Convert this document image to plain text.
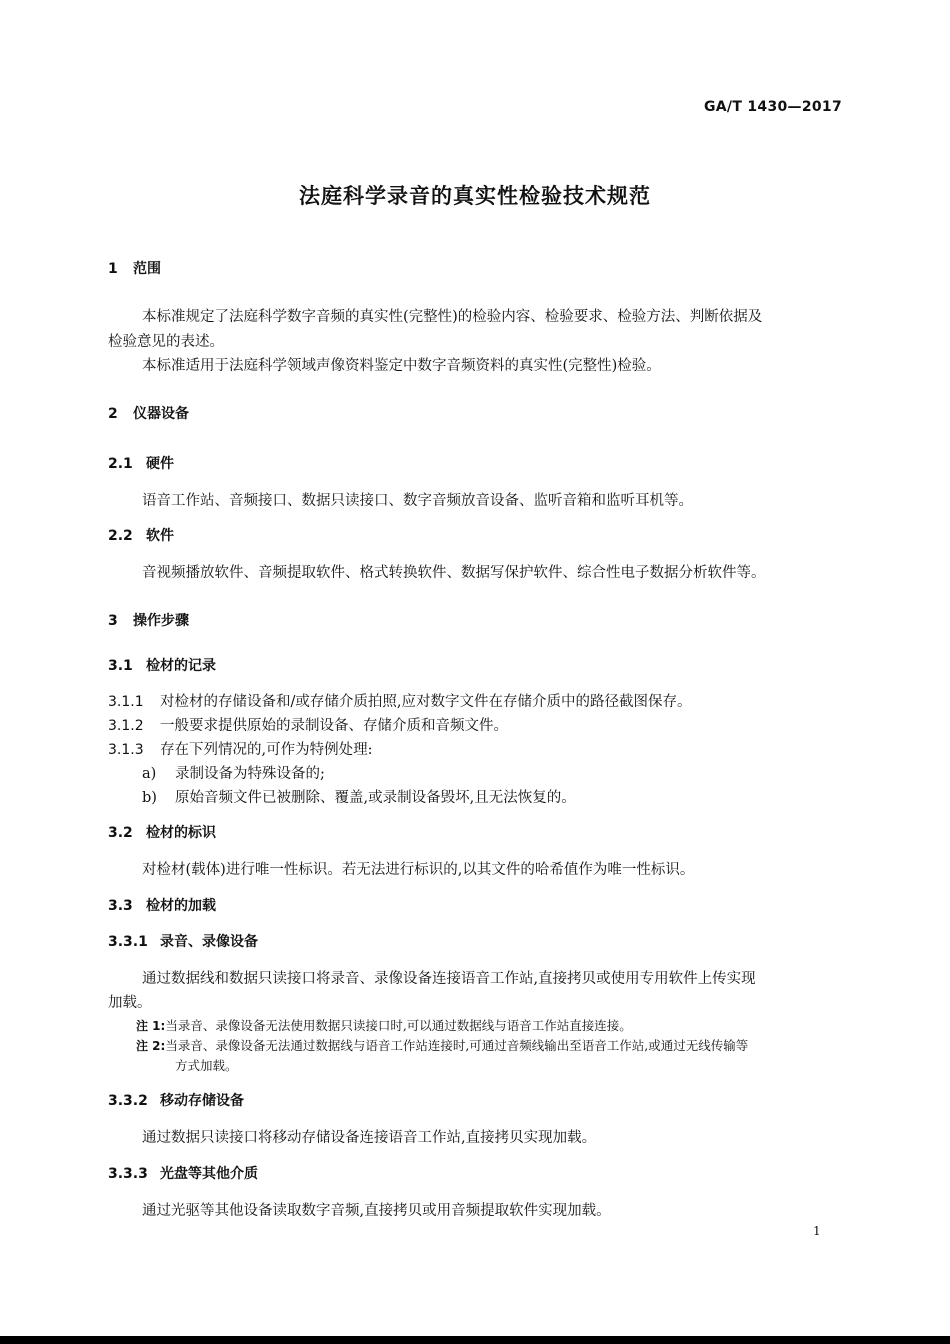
GA/T 1430—2017
法庭科学录音的真实性检验技术规范
1 范围
本标准规定了法庭科学数字音频的真实性(完整性)的检验内容、检验要求、检验方法、判断依据及
检验意见的表述。
本标准适用于法庭科学领域声像资料鉴定中数字音频资料的真实性(完整性)检验。
2 仪器设备
2.1 硬件
语音工作站、音频接口、数据只读接口、数字音频放音设备、监听音箱和监听耳机等。
2.2 软件
音视频播放软件、音频提取软件、格式转换软件、数据写保护软件、综合性电子数据分析软件等。
3 操作步骤
3.1 检材的记录
3.1.1 对检材的存储设备和/或存储介质拍照,应对数字文件在存储介质中的路径截图保存。
3.1.2 一般要求提供原始的录制设备、存储介质和音频文件。
3.1.3 存在下列情况的,可作为特例处理:
a) 录制设备为特殊设备的;
b) 原始音频文件已被删除、覆盖,或录制设备毁坏,且无法恢复的。
3.2 检材的标识
对检材(载体)进行唯一性标识。若无法进行标识的,以其文件的哈希值作为唯一性标识。
3.3 检材的加载
3.3.1 录音、录像设备
通过数据线和数据只读接口将录音、录像设备连接语音工作站,直接拷贝或使用专用软件上传实现
加载。
注 1:当录音、录像设备无法使用数据只读接口时,可以通过数据线与语音工作站直接连接。
注 2:当录音、录像设备无法通过数据线与语音工作站连接时,可通过音频线输出至语音工作站,或通过无线传输等
方式加载。
3.3.2 移动存储设备
通过数据只读接口将移动存储设备连接语音工作站,直接拷贝实现加载。
3.3.3 光盘等其他介质
通过光驱等其他设备读取数字音频,直接拷贝或用音频提取软件实现加载。
1
